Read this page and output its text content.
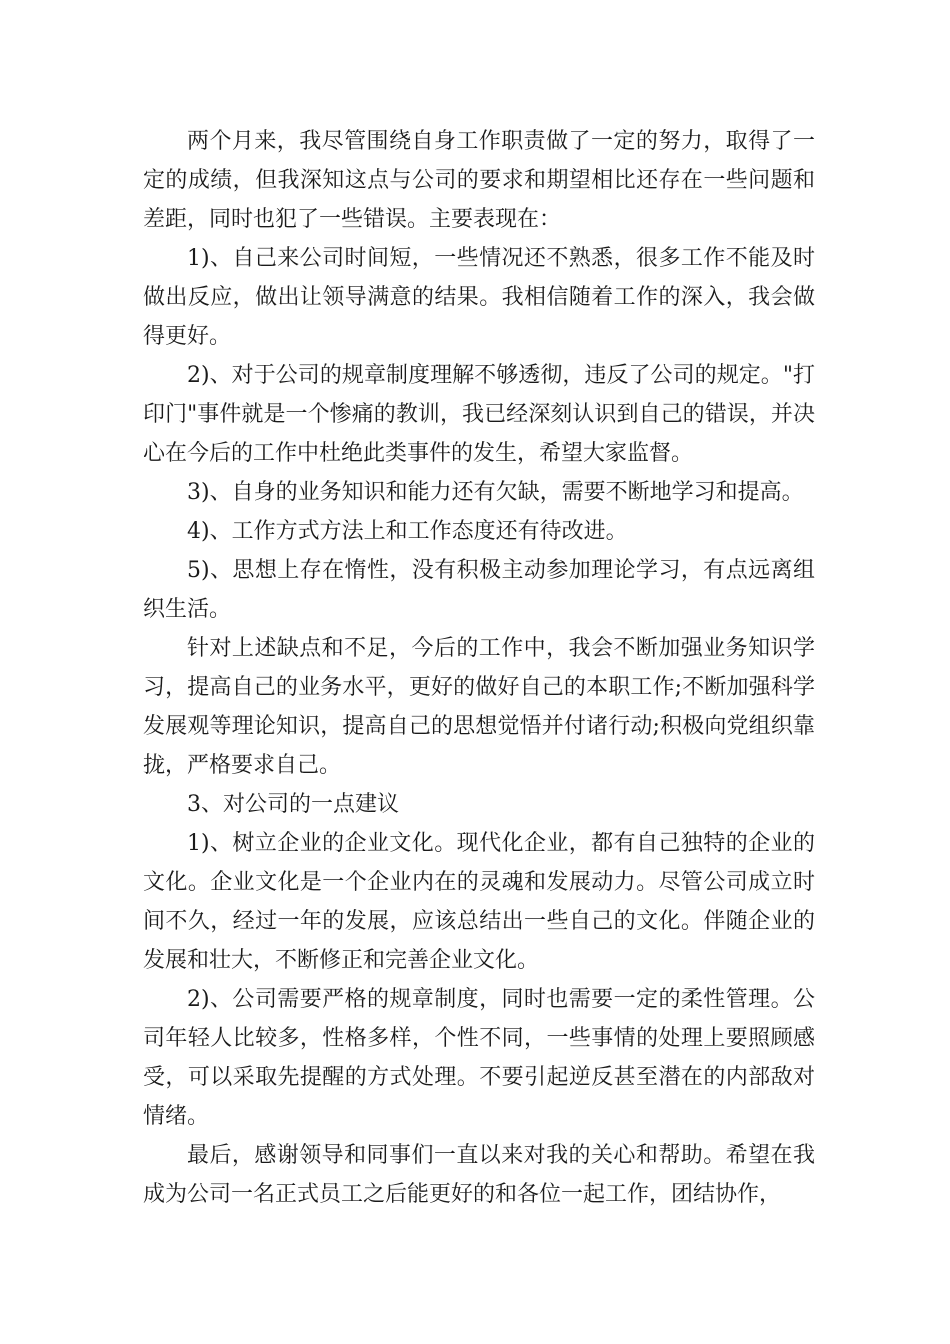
两个月来，我尽管围绕自身工作职责做了一定的努力，取得了一定的成绩，但我深知这点与公司的要求和期望相比还存在一些问题和差距，同时也犯了一些错误。主要表现在：

1)、自己来公司时间短，一些情况还不熟悉，很多工作不能及时做出反应，做出让领导满意的结果。我相信随着工作的深入，我会做得更好。

2)、对于公司的规章制度理解不够透彻，违反了公司的规定。"打印门"事件就是一个惨痛的教训，我已经深刻认识到自己的错误，并决心在今后的工作中杜绝此类事件的发生，希望大家监督。

3)、自身的业务知识和能力还有欠缺，需要不断地学习和提高。

4)、工作方式方法上和工作态度还有待改进。

5)、思想上存在惰性，没有积极主动参加理论学习，有点远离组织生活。

针对上述缺点和不足，今后的工作中，我会不断加强业务知识学习，提高自己的业务水平，更好的做好自己的本职工作;不断加强科学发展观等理论知识，提高自己的思想觉悟并付诸行动;积极向党组织靠拢，严格要求自己。

3、对公司的一点建议

1)、树立企业的企业文化。现代化企业，都有自己独特的企业的文化。企业文化是一个企业内在的灵魂和发展动力。尽管公司成立时间不久，经过一年的发展，应该总结出一些自己的文化。伴随企业的发展和壮大，不断修正和完善企业文化。

2)、公司需要严格的规章制度，同时也需要一定的柔性管理。公司年轻人比较多，性格多样，个性不同，一些事情的处理上要照顾感受，可以采取先提醒的方式处理。不要引起逆反甚至潜在的内部敌对情绪。

最后，感谢领导和同事们一直以来对我的关心和帮助。希望在我成为公司一名正式员工之后能更好的和各位一起工作，团结协作，
